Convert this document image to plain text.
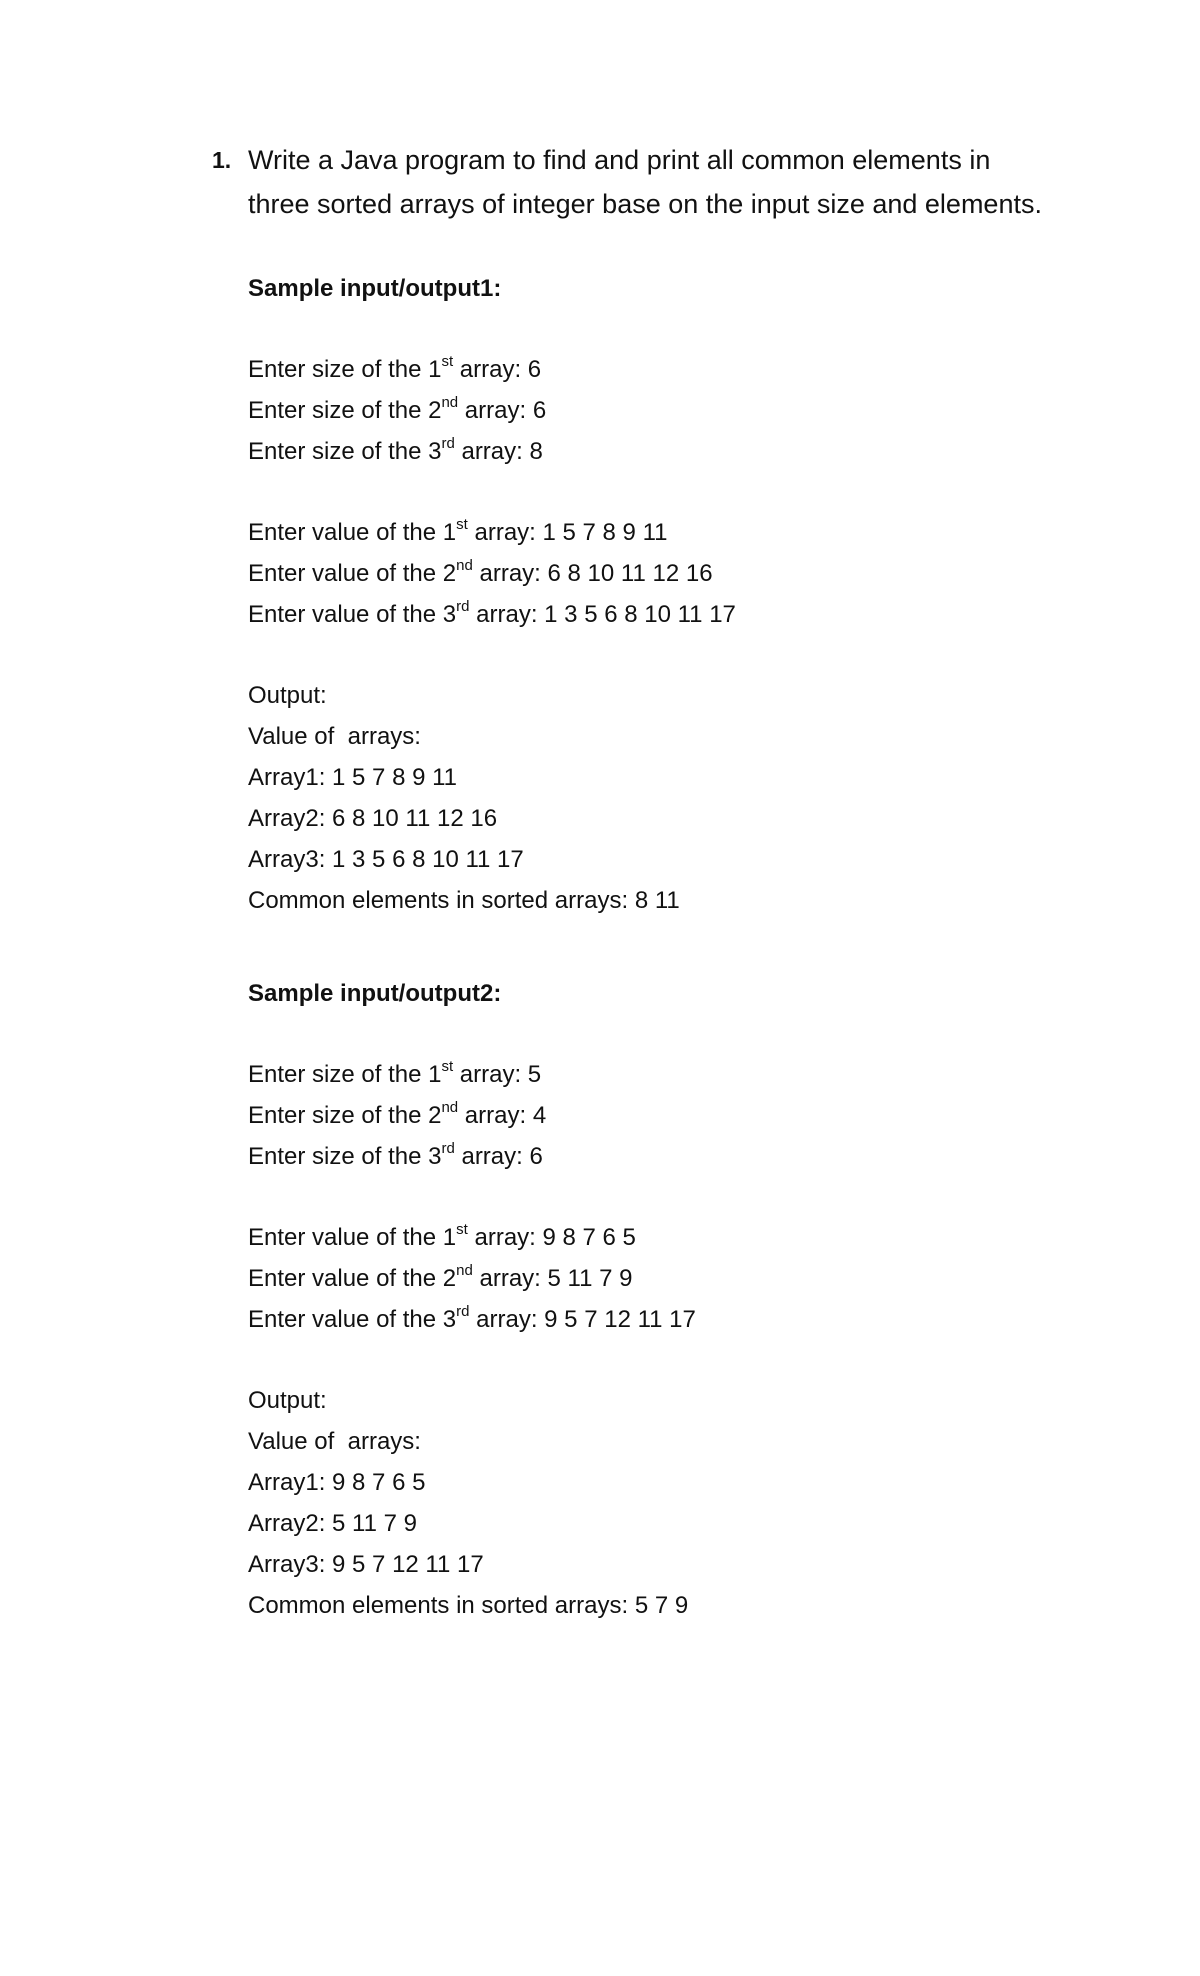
1. Write a Java program to find and print all common elements in three sorted arrays of integer base on the input size and elements.
Sample input/output1:
Enter size of the 1st array: 6
Enter size of the 2nd array: 6
Enter size of the 3rd array: 8
Enter value of the 1st array: 1 5 7 8 9 11
Enter value of the 2nd array: 6 8 10 11 12 16
Enter value of the 3rd array: 1 3 5 6 8 10 11 17
Output:
Value of  arrays:
Array1: 1 5 7 8 9 11
Array2: 6 8 10 11 12 16
Array3: 1 3 5 6 8 10 11 17
Common elements in sorted arrays: 8 11
Sample input/output2:
Enter size of the 1st array: 5
Enter size of the 2nd array: 4
Enter size of the 3rd array: 6
Enter value of the 1st array: 9 8 7 6 5
Enter value of the 2nd array: 5 11 7 9
Enter value of the 3rd array: 9 5 7 12 11 17
Output:
Value of  arrays:
Array1: 9 8 7 6 5
Array2: 5 11 7 9
Array3: 9 5 7 12 11 17
Common elements in sorted arrays: 5 7 9
